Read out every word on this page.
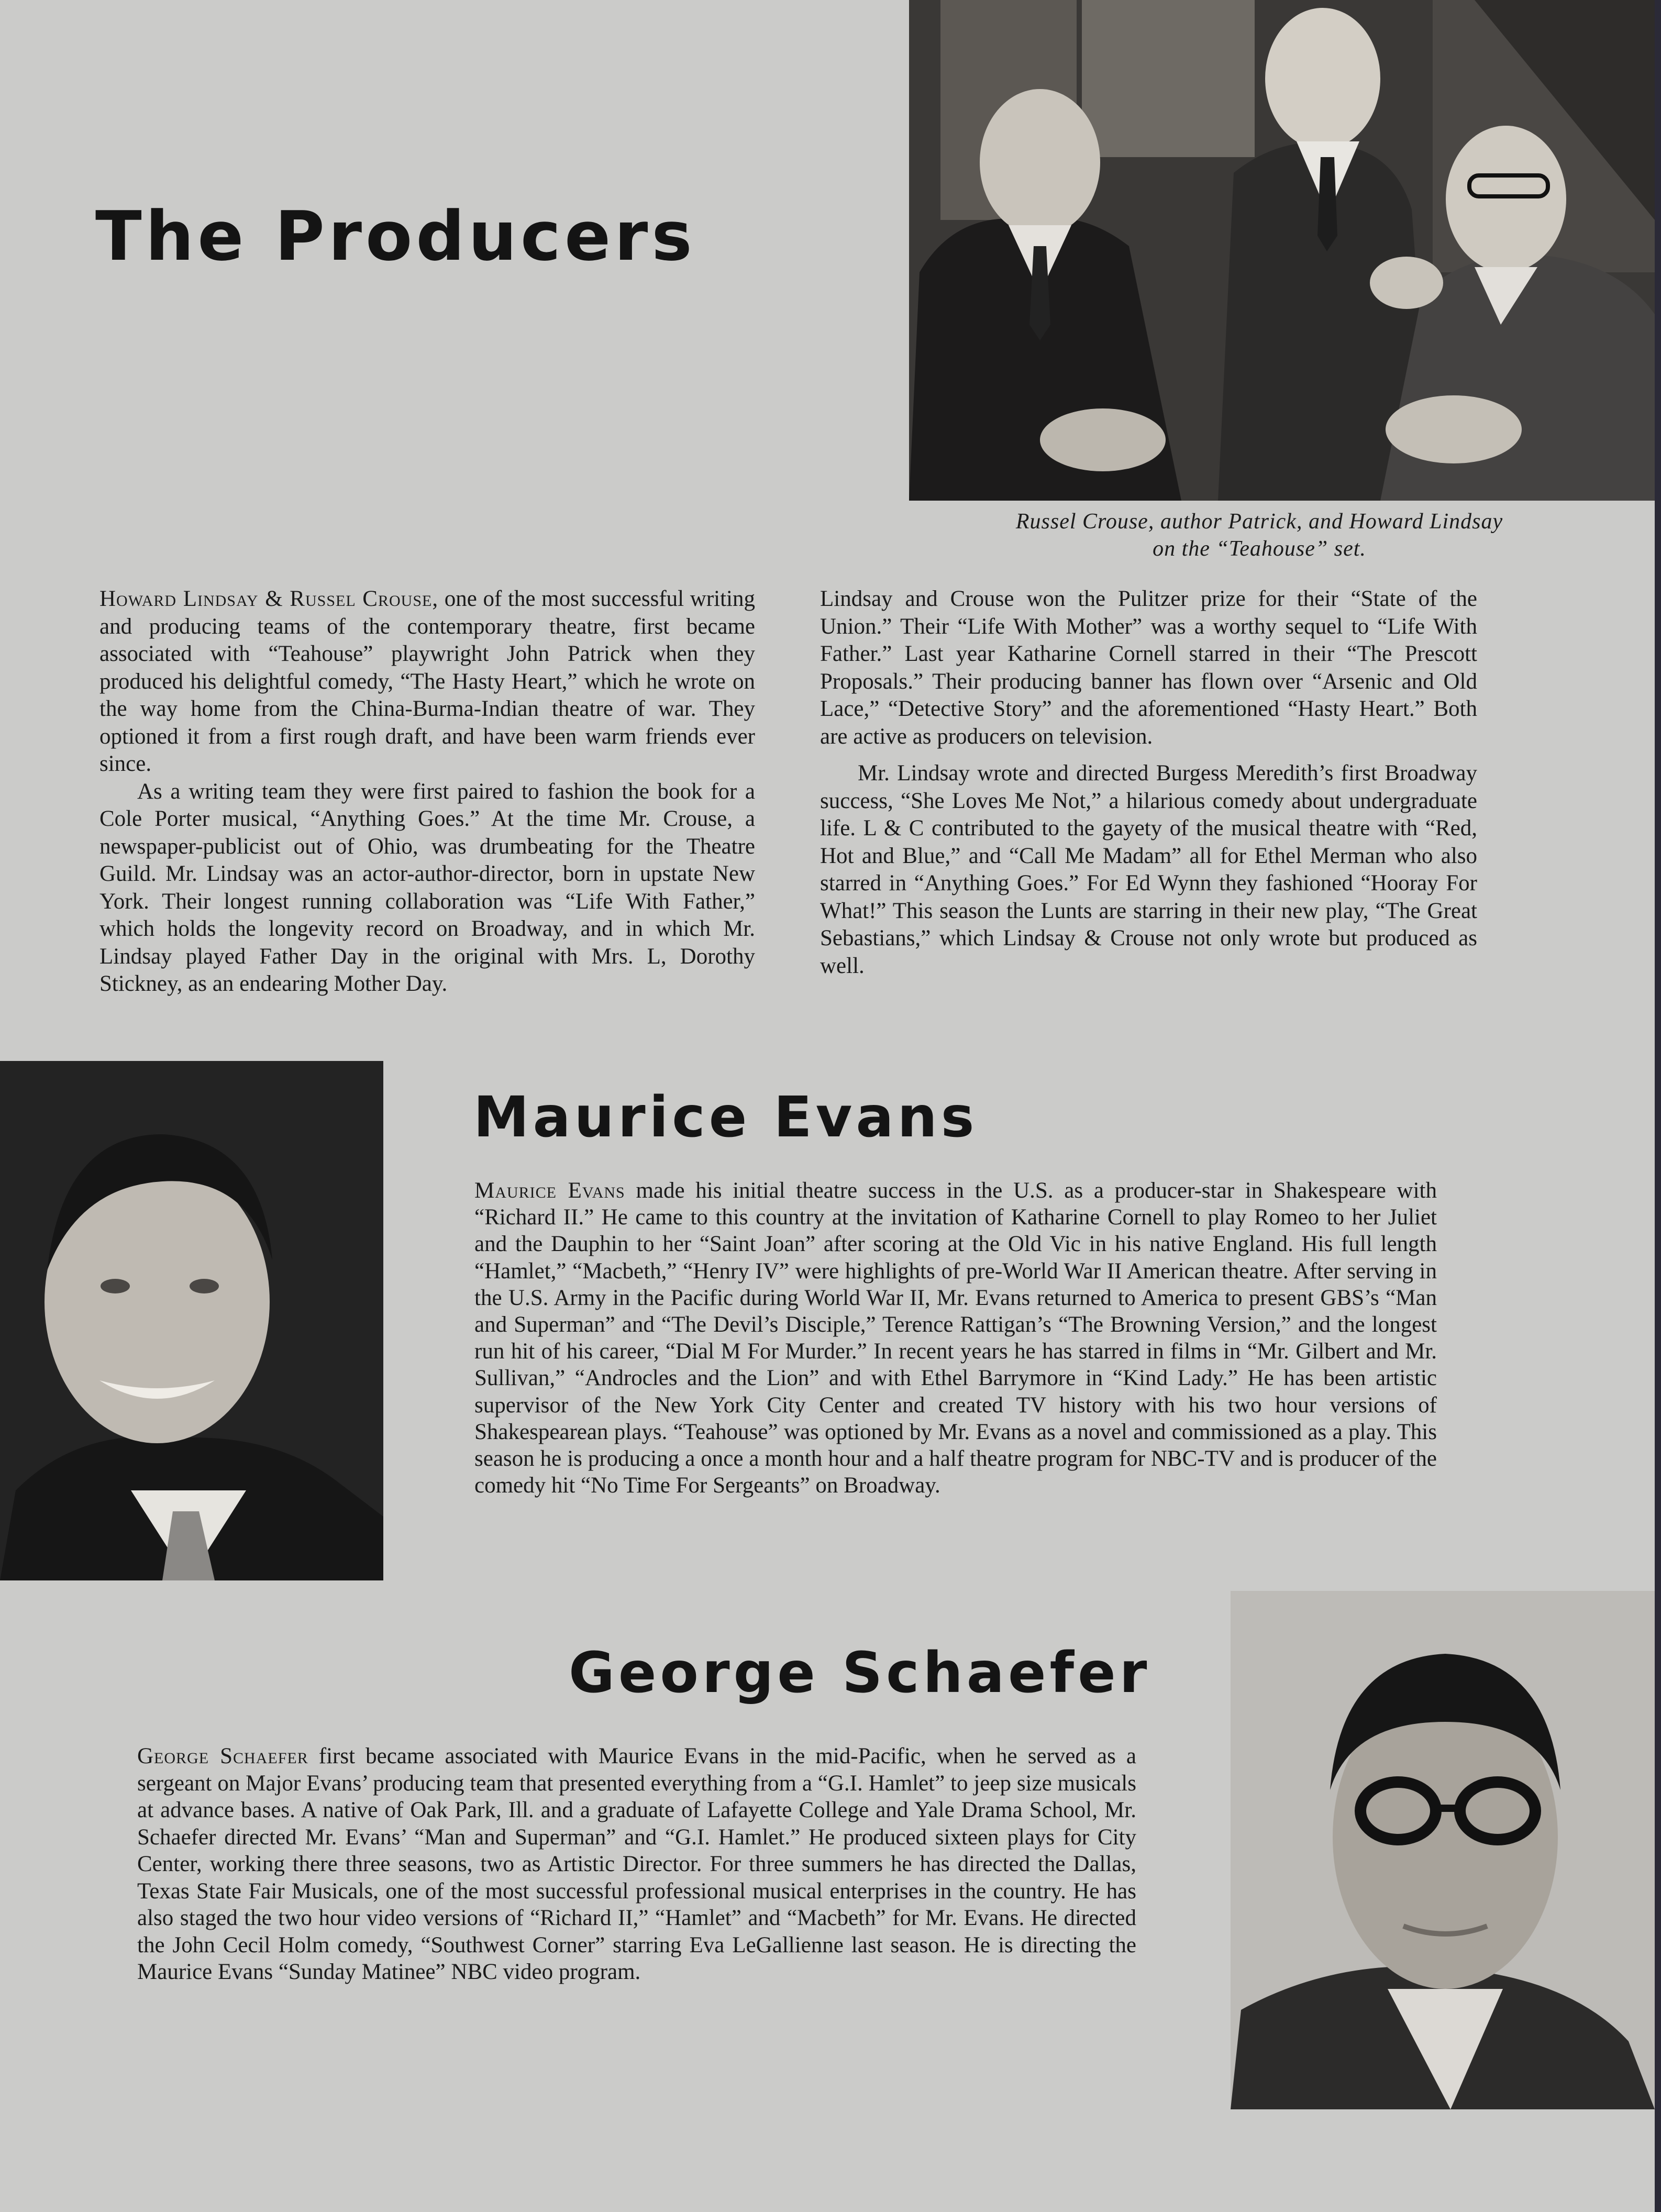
The Producers

Russel Crouse, author Patrick, and Howard Lindsay
on the “Teahouse” set.

Howard Lindsay & Russel Crouse, one of the most successful writing and producing teams of the contemporary theatre, first became associated with “Teahouse” playwright John Patrick when they produced his delightful comedy, “The Hasty Heart,” which he wrote on the way home from the China-Burma-Indian theatre of war. They optioned it from a first rough draft, and have been warm friends ever since.

As a writing team they were first paired to fashion the book for a Cole Porter musical, “Anything Goes.” At the time Mr. Crouse, a newspaper-publicist out of Ohio, was drumbeating for the Theatre Guild. Mr. Lindsay was an actor-author-director, born in upstate New York. Their longest running collaboration was “Life With Father,” which holds the longevity record on Broadway, and in which Mr. Lindsay played Father Day in the original with Mrs. L, Dorothy Stickney, as an endearing Mother Day.

Lindsay and Crouse won the Pulitzer prize for their “State of the Union.” Their “Life With Mother” was a worthy sequel to “Life With Father.” Last year Katharine Cornell starred in their “The Prescott Proposals.” Their producing banner has flown over “Arsenic and Old Lace,” “Detective Story” and the aforementioned “Hasty Heart.” Both are active as producers on television.

Mr. Lindsay wrote and directed Burgess Meredith’s first Broadway success, “She Loves Me Not,” a hilarious comedy about undergraduate life. L & C contributed to the gayety of the musical theatre with “Red, Hot and Blue,” and “Call Me Madam” all for Ethel Merman who also starred in “Anything Goes.” For Ed Wynn they fashioned “Hooray For What!” This season the Lunts are starring in their new play, “The Great Sebastians,” which Lindsay & Crouse not only wrote but produced as well.

Maurice Evans

Maurice Evans made his initial theatre success in the U.S. as a producer-star in Shakespeare with “Richard II.” He came to this country at the invitation of Katharine Cornell to play Romeo to her Juliet and the Dauphin to her “Saint Joan” after scoring at the Old Vic in his native England. His full length “Hamlet,” “Macbeth,” “Henry IV” were highlights of pre-World War II American theatre. After serving in the U.S. Army in the Pacific during World War II, Mr. Evans returned to America to present GBS’s “Man and Superman” and “The Devil’s Disciple,” Terence Rattigan’s “The Browning Version,” and the longest run hit of his career, “Dial M For Murder.” In recent years he has starred in films in “Mr. Gilbert and Mr. Sullivan,” “Androcles and the Lion” and with Ethel Barrymore in “Kind Lady.” He has been artistic supervisor of the New York City Center and created TV history with his two hour versions of Shakespearean plays. “Teahouse” was optioned by Mr. Evans as a novel and commissioned as a play. This season he is producing a once a month hour and a half theatre program for NBC-TV and is producer of the comedy hit “No Time For Sergeants” on Broadway.

George Schaefer

George Schaefer first became associated with Maurice Evans in the mid-Pacific, when he served as a sergeant on Major Evans’ producing team that presented everything from a “G.I. Hamlet” to jeep size musicals at advance bases. A native of Oak Park, Ill. and a graduate of Lafayette College and Yale Drama School, Mr. Schaefer directed Mr. Evans’ “Man and Superman” and “G.I. Hamlet.” He produced sixteen plays for City Center, working there three seasons, two as Artistic Director. For three summers he has directed the Dallas, Texas State Fair Musicals, one of the most successful professional musical enterprises in the country. He has also staged the two hour video versions of “Richard II,” “Hamlet” and “Macbeth” for Mr. Evans. He directed the John Cecil Holm comedy, “Southwest Corner” starring Eva LeGallienne last season. He is directing the Maurice Evans “Sunday Matinee” NBC video program.
